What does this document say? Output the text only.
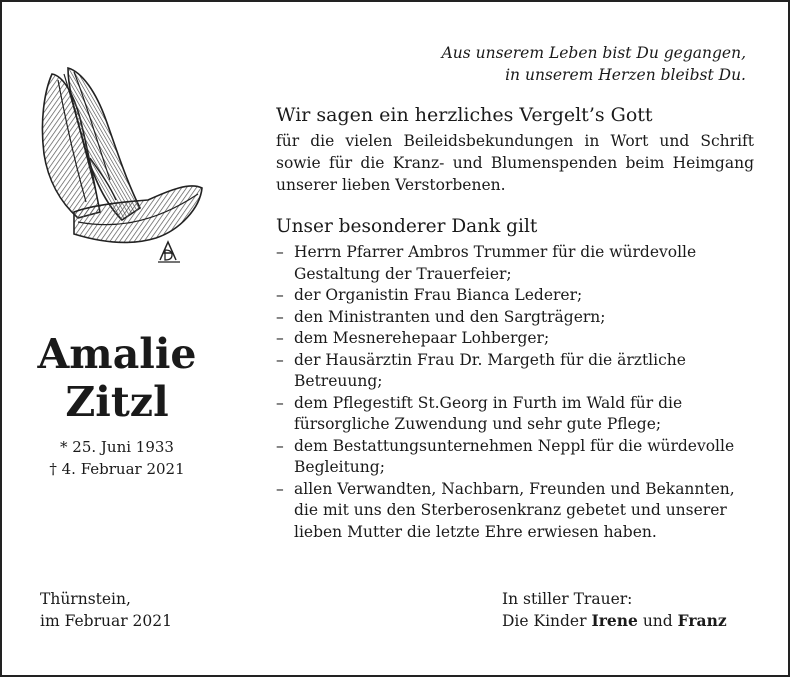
Aus unserem Leben bist Du gegangen,
in unserem Herzen bleibst Du.
Amalie
Zitzl
* 25. Juni 1933
† 4. Februar 2021
Wir sagen ein herzliches Vergelt’s Gott

für die vielen Beileidsbekundungen in Wort und Schrift sowie für die Kranz- und Blumenspenden beim Heimgang unserer lieben Verstorbenen.

Unser besonderer Dank gilt
– Herrn Pfarrer Ambros Trummer für die würdevolle Gestaltung der Trauerfeier;
– der Organistin Frau Bianca Lederer;
– den Ministranten und den Sargträgern;
– dem Mesnerehepaar Lohberger;
– der Hausärztin Frau Dr. Margeth für die ärztliche Betreuung;
– dem Pflegestift St.Georg in Furth im Wald für die fürsorgliche Zuwendung und sehr gute Pflege;
– dem Bestattungsunternehmen Neppl für die würdevolle Begleitung;
– allen Verwandten, Nachbarn, Freunden und Bekannten, die mit uns den Sterberosenkranz gebetet und unserer lieben Mutter die letzte Ehre erwiesen haben.
Thürnstein,
im Februar 2021
In stiller Trauer:
Die Kinder Irene und Franz
